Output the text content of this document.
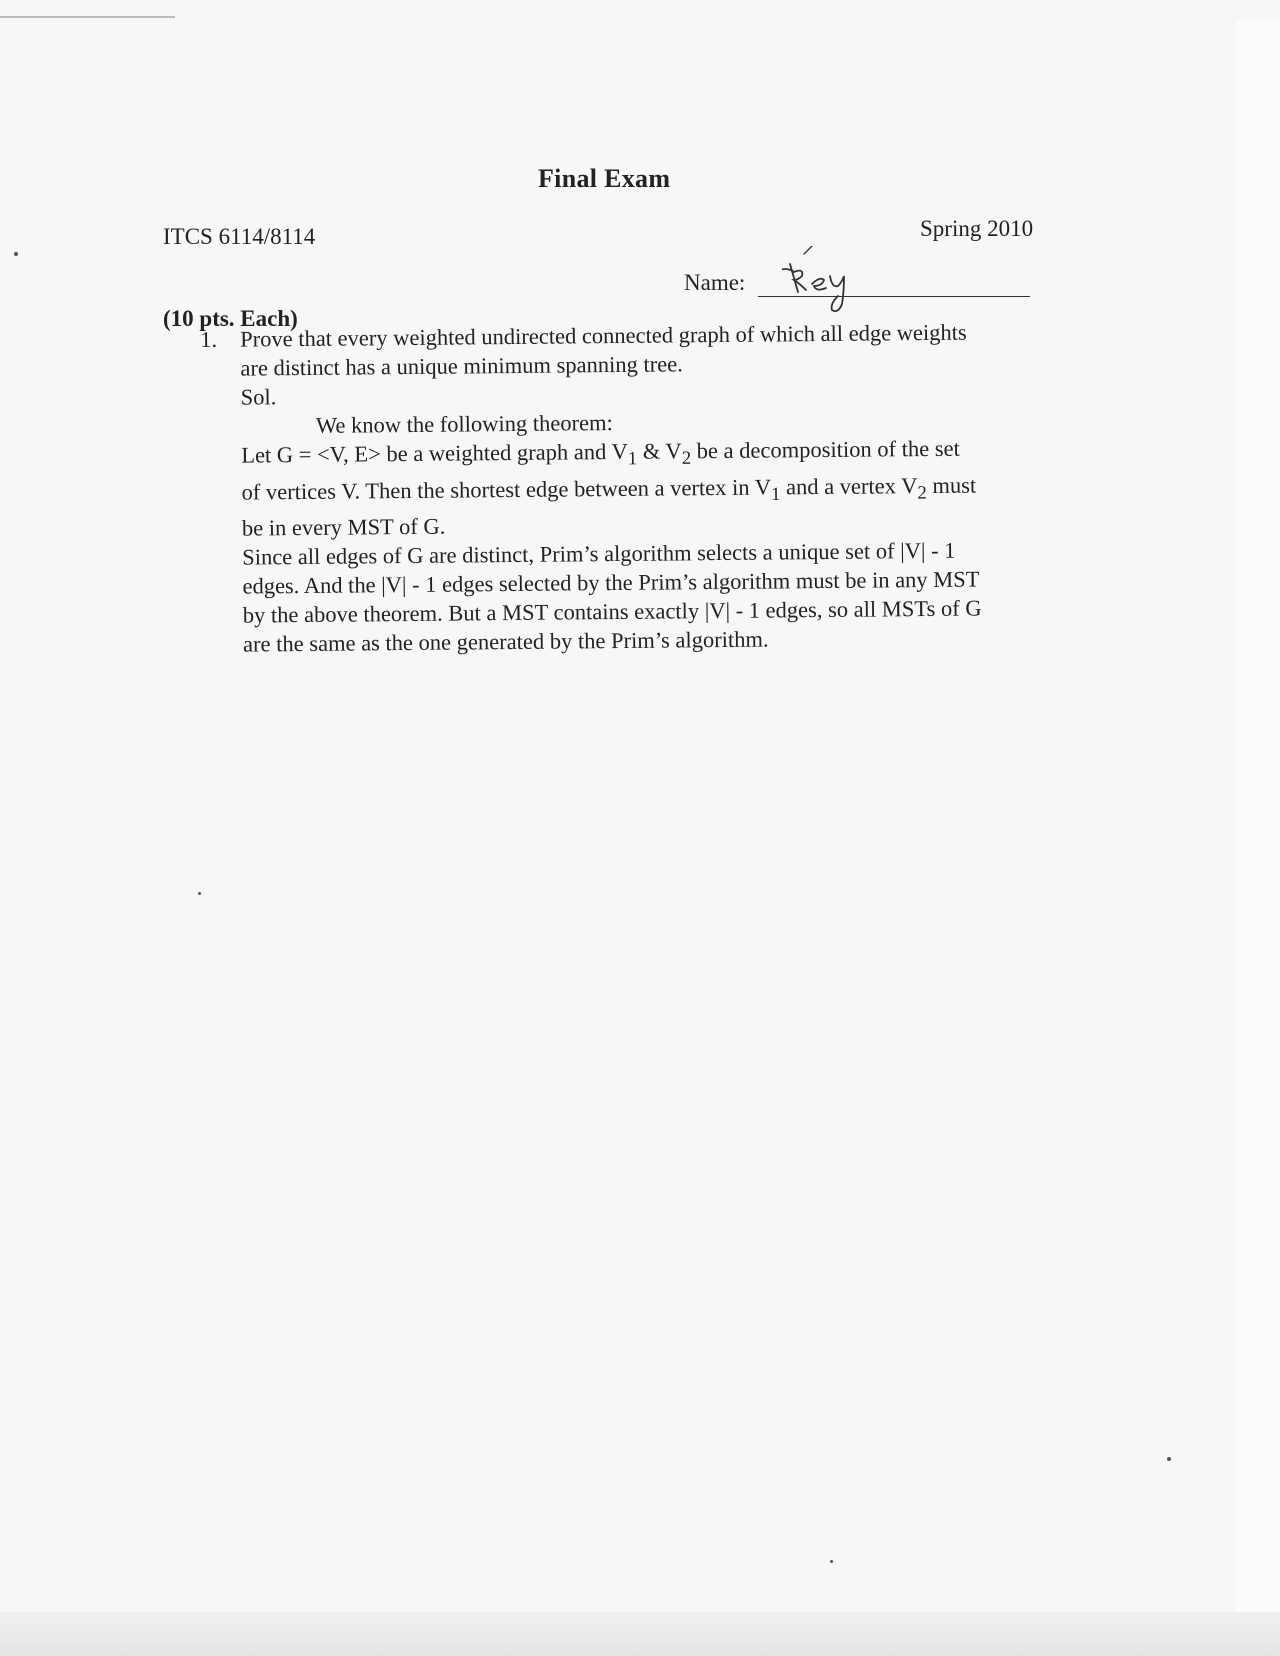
Final Exam
ITCS 6114/8114	Spring 2010
Name:
(10 pts. Each)
1. Prove that every weighted undirected connected graph of which all edge weights
are distinct has a unique minimum spanning tree.
Sol.
We know the following theorem:
Let G = <V, E> be a weighted graph and $V_1$ & $V_2$ be a decomposition of the set
of vertices V. Then the shortest edge between a vertex in $V_1$ and a vertex $V_2$ must
be in every MST of G.
Since all edges of G are distinct, Prim’s algorithm selects a unique set of |V| - 1
edges. And the |V| - 1 edges selected by the Prim’s algorithm must be in any MST
by the above theorem. But a MST contains exactly |V| - 1 edges, so all MSTs of G
are the same as the one generated by the Prim’s algorithm.
